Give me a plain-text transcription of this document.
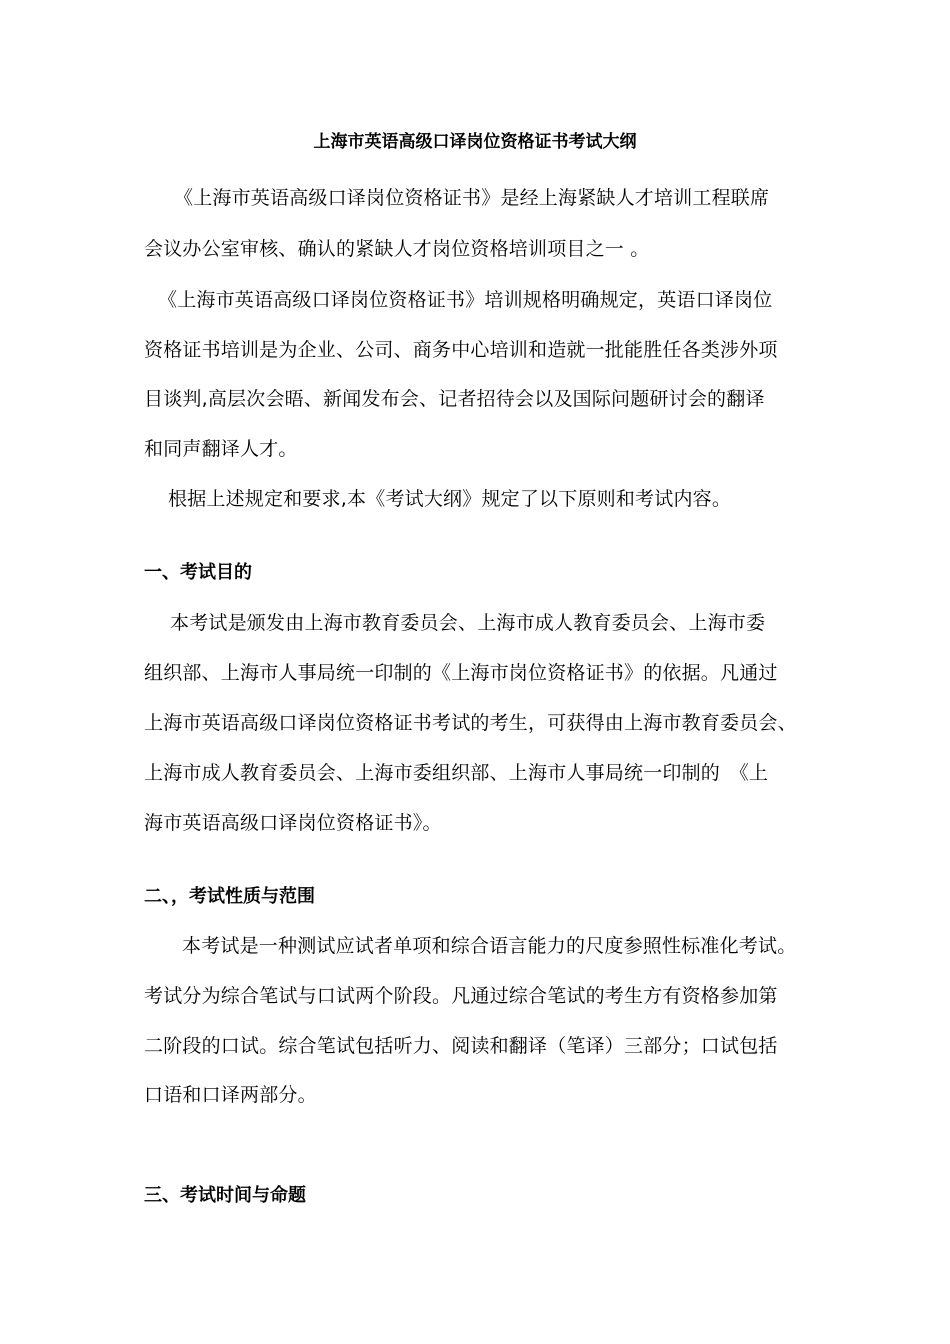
上海市英语高级口译岗位资格证书考试大纲
《上海市英语高级口译岗位资格证书》是经上海紧缺人才培训工程联席
会议办公室审核、确认的紧缺人才岗位资格培训项目之一 。
《上海市英语高级口译岗位资格证书》培训规格明确规定，英语口译岗位
资格证书培训是为企业、公司、商务中心培训和造就一批能胜任各类涉外项
目谈判,高层次会晤、新闻发布会、记者招待会以及国际问题研讨会的翻译
和同声翻译人才。
根据上述规定和要求,本《考试大纲》规定了以下原则和考试内容。
一、考试目的
本考试是颁发由上海市教育委员会、上海市成人教育委员会、上海市委
组织部、上海市人事局统一印制的《上海市岗位资格证书》的依据。凡通过
上海市英语高级口译岗位资格证书考试的考生，可获得由上海市教育委员会、
上海市成人教育委员会、上海市委组织部、上海市人事局统一印制的　《上
海市英语高级口译岗位资格证书》。
二、，考试性质与范围
本考试是一种测试应试者单项和综合语言能力的尺度参照性标准化考试。
考试分为综合笔试与口试两个阶段。凡通过综合笔试的考生方有资格参加第
二阶段的口试。综合笔试包括听力、阅读和翻译（笔译）三部分；口试包括
口语和口译两部分。
三、考试时间与命题
